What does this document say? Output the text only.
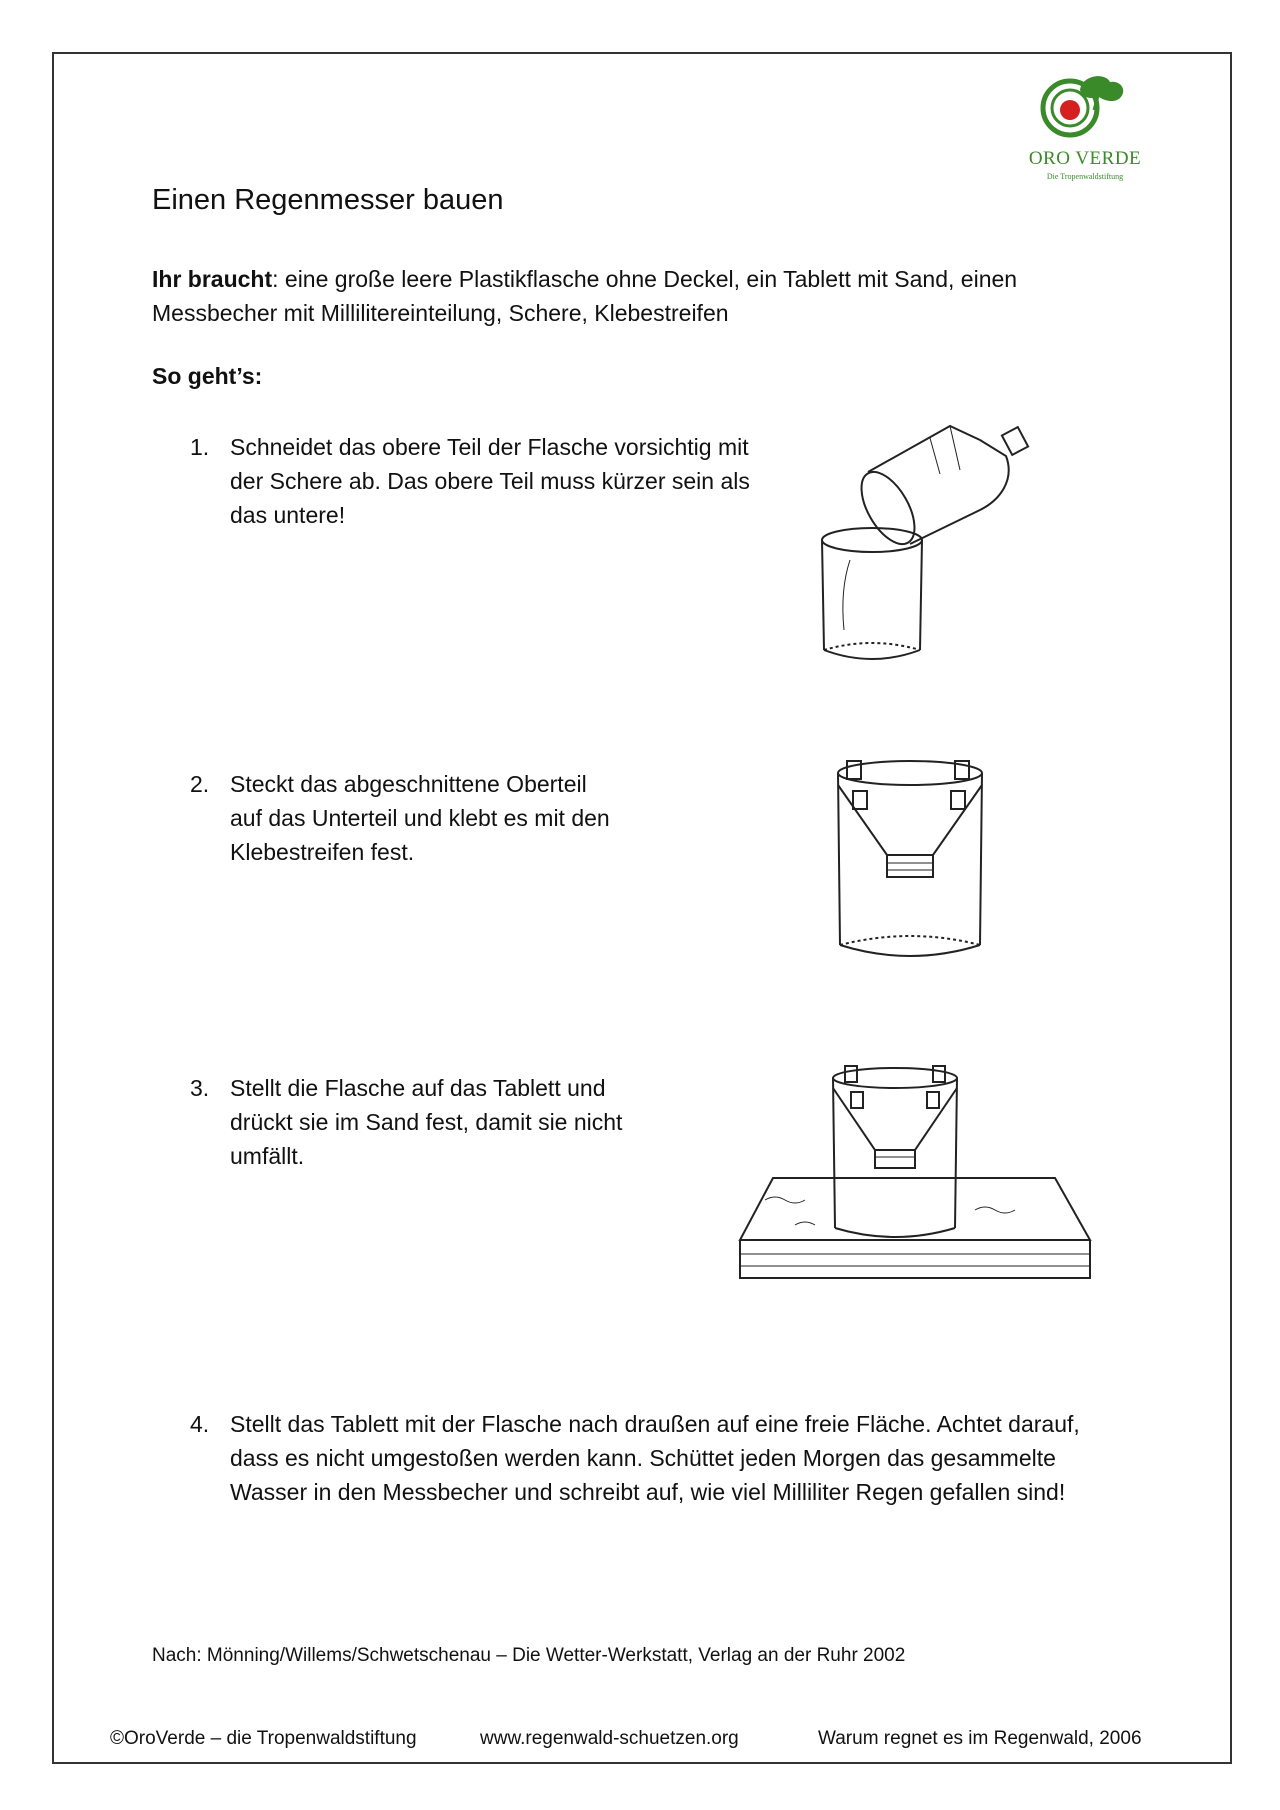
ORO VERDE
Die Tropenwaldstiftung
Einen Regenmesser bauen

Ihr braucht: eine große leere Plastikflasche ohne Deckel, ein Tablett mit Sand, einen Messbecher mit Millilitereinteilung, Schere, Klebestreifen

So geht’s:
1. Schneidet das obere Teil der Flasche vorsichtig mit der Schere ab. Das obere Teil muss kürzer sein als das untere!
2. Steckt das abgeschnittene Oberteil auf das Unterteil und klebt es mit den Klebestreifen fest.
3. Stellt die Flasche auf das Tablett und drückt sie im Sand fest, damit sie nicht umfällt.
4. Stellt das Tablett mit der Flasche nach draußen auf eine freie Fläche. Achtet darauf, dass es nicht umgestoßen werden kann. Schüttet jeden Morgen das gesammelte Wasser in den Messbecher und schreibt auf, wie viel Milliliter Regen gefallen sind!

Nach: Mönning/Willems/Schwetschenau – Die Wetter-Werkstatt, Verlag an der Ruhr 2002

©OroVerde – die Tropenwaldstiftung	www.regenwald-schuetzen.org	Warum regnet es im Regenwald, 2006
